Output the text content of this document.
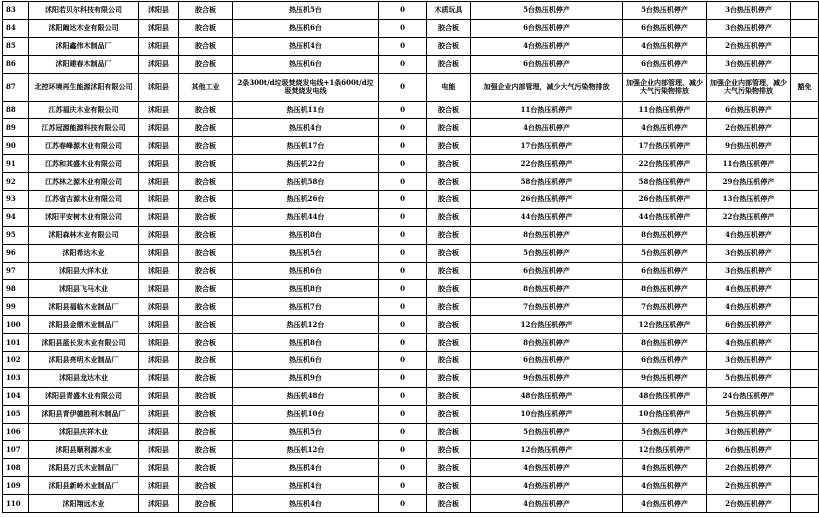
83	沭阳若贝尔科技有限公司	沭阳县	胶合板	热压机5台	0	木质玩具	5台热压机停产	5台热压机停产	3台热压机停产	
84	沭阳阚达木业有限公司	沭阳县	胶合板	热压机6台	0	胶合板	6台热压机停产	6台热压机停产	3台热压机停产	
85	沭阳鑫伟木制品厂	沭阳县	胶合板	热压机4台	0	胶合板	4台热压机停产	4台热压机停产	2台热压机停产	
86	沭阳建春木制品厂	沭阳县	胶合板	热压机6台	0	胶合板	6台热压机停产	6台热压机停产	3台热压机停产	
87	北控环境再生能源沭阳有限公司	沭阳县	其他工业	2条300t/d垃圾焚烧发电线+1条600t/d垃圾焚烧发电线	0	电能	加强企业内部管理，减少大气污染物排放	加强企业内部管理，减少大气污染物排放	加强企业内部管理，减少大气污染物排放	豁免
88	江苏福庆木业有限公司	沭阳县	胶合板	热压机11台	0	胶合板	11台热压机停产	11台热压机停产	6台热压机停产	
89	江苏冠源能源科技有限公司	沭阳县	胶合板	热压机4台	0	胶合板	4台热压机停产	4台热压机停产	2台热压机停产	
90	江苏春峰源木业有限公司	沭阳县	胶合板	热压机17台	0	胶合板	17台热压机停产	17台热压机停产	9台热压机停产	
91	江苏和其盛木业有限公司	沭阳县	胶合板	热压机22台	0	胶合板	22台热压机停产	22台热压机停产	11台热压机停产	
92	江苏林之源木业有限公司	沭阳县	胶合板	热压机58台	0	胶合板	58台热压机停产	58台热压机停产	29台热压机停产	
93	江苏省吉源木业有限公司	沭阳县	胶合板	热压机26台	0	胶合板	26台热压机停产	26台热压机停产	13台热压机停产	
94	沭阳平安树木业有限公司	沭阳县	胶合板	热压机44台	0	胶合板	44台热压机停产	44台热压机停产	22台热压机停产	
95	沭阳森林木业有限公司	沭阳县	胶合板	热压机8台	0	胶合板	8台热压机停产	8台热压机停产	4台热压机停产	
96	沭阳希达木业	沭阳县	胶合板	热压机5台	0	胶合板	5台热压机停产	5台热压机停产	3台热压机停产	
97	沭阳县大洋木业	沭阳县	胶合板	热压机6台	0	胶合板	6台热压机停产	6台热压机停产	3台热压机停产	
98	沭阳县飞马木业	沭阳县	胶合板	热压机8台	0	胶合板	8台热压机停产	8台热压机停产	4台热压机停产	
99	沭阳县福临木业制品厂	沭阳县	胶合板	热压机7台	0	胶合板	7台热压机停产	7台热压机停产	4台热压机停产	
100	沭阳县金鼎木业制品厂	沭阳县	胶合板	热压机12台	0	胶合板	12台热压机停产	12台热压机停产	6台热压机停产	
101	沭阳县蓝长发木业有限公司	沭阳县	胶合板	热压机8台	0	胶合板	8台热压机停产	8台热压机停产	4台热压机停产	
102	沭阳县亮明木业制品厂	沭阳县	胶合板	热压机6台	0	胶合板	6台热压机停产	6台热压机停产	3台热压机停产	
103	沭阳县龙达木业	沭阳县	胶合板	热压机9台	0	胶合板	9台热压机停产	9台热压机停产	5台热压机停产	
104	沭阳县青盛木业有限公司	沭阳县	胶合板	热压机48台	0	胶合板	48台热压机停产	48台热压机停产	24台热压机停产	
105	沭阳县青伊德胜利木制品厂	沭阳县	胶合板	热压机10台	0	胶合板	10台热压机停产	10台热压机停产	5台热压机停产	
106	沭阳县庆祥木业	沭阳县	胶合板	热压机5台	0	胶合板	5台热压机停产	5台热压机停产	3台热压机停产	
107	沭阳县顺利源木业	沭阳县	胶合板	热压机12台	0	胶合板	12台热压机停产	12台热压机停产	6台热压机停产	
108	沭阳县万氏木业制品厂	沭阳县	胶合板	热压机4台	0	胶合板	4台热压机停产	4台热压机停产	2台热压机停产	
109	沭阳县新岭木业制品厂	沭阳县	胶合板	热压机4台	0	胶合板	4台热压机停产	4台热压机停产	2台热压机停产	
110	沭阳翔远木业	沭阳县	胶合板	热压机4台	0	胶合板	4台热压机停产	4台热压机停产	2台热压机停产	
